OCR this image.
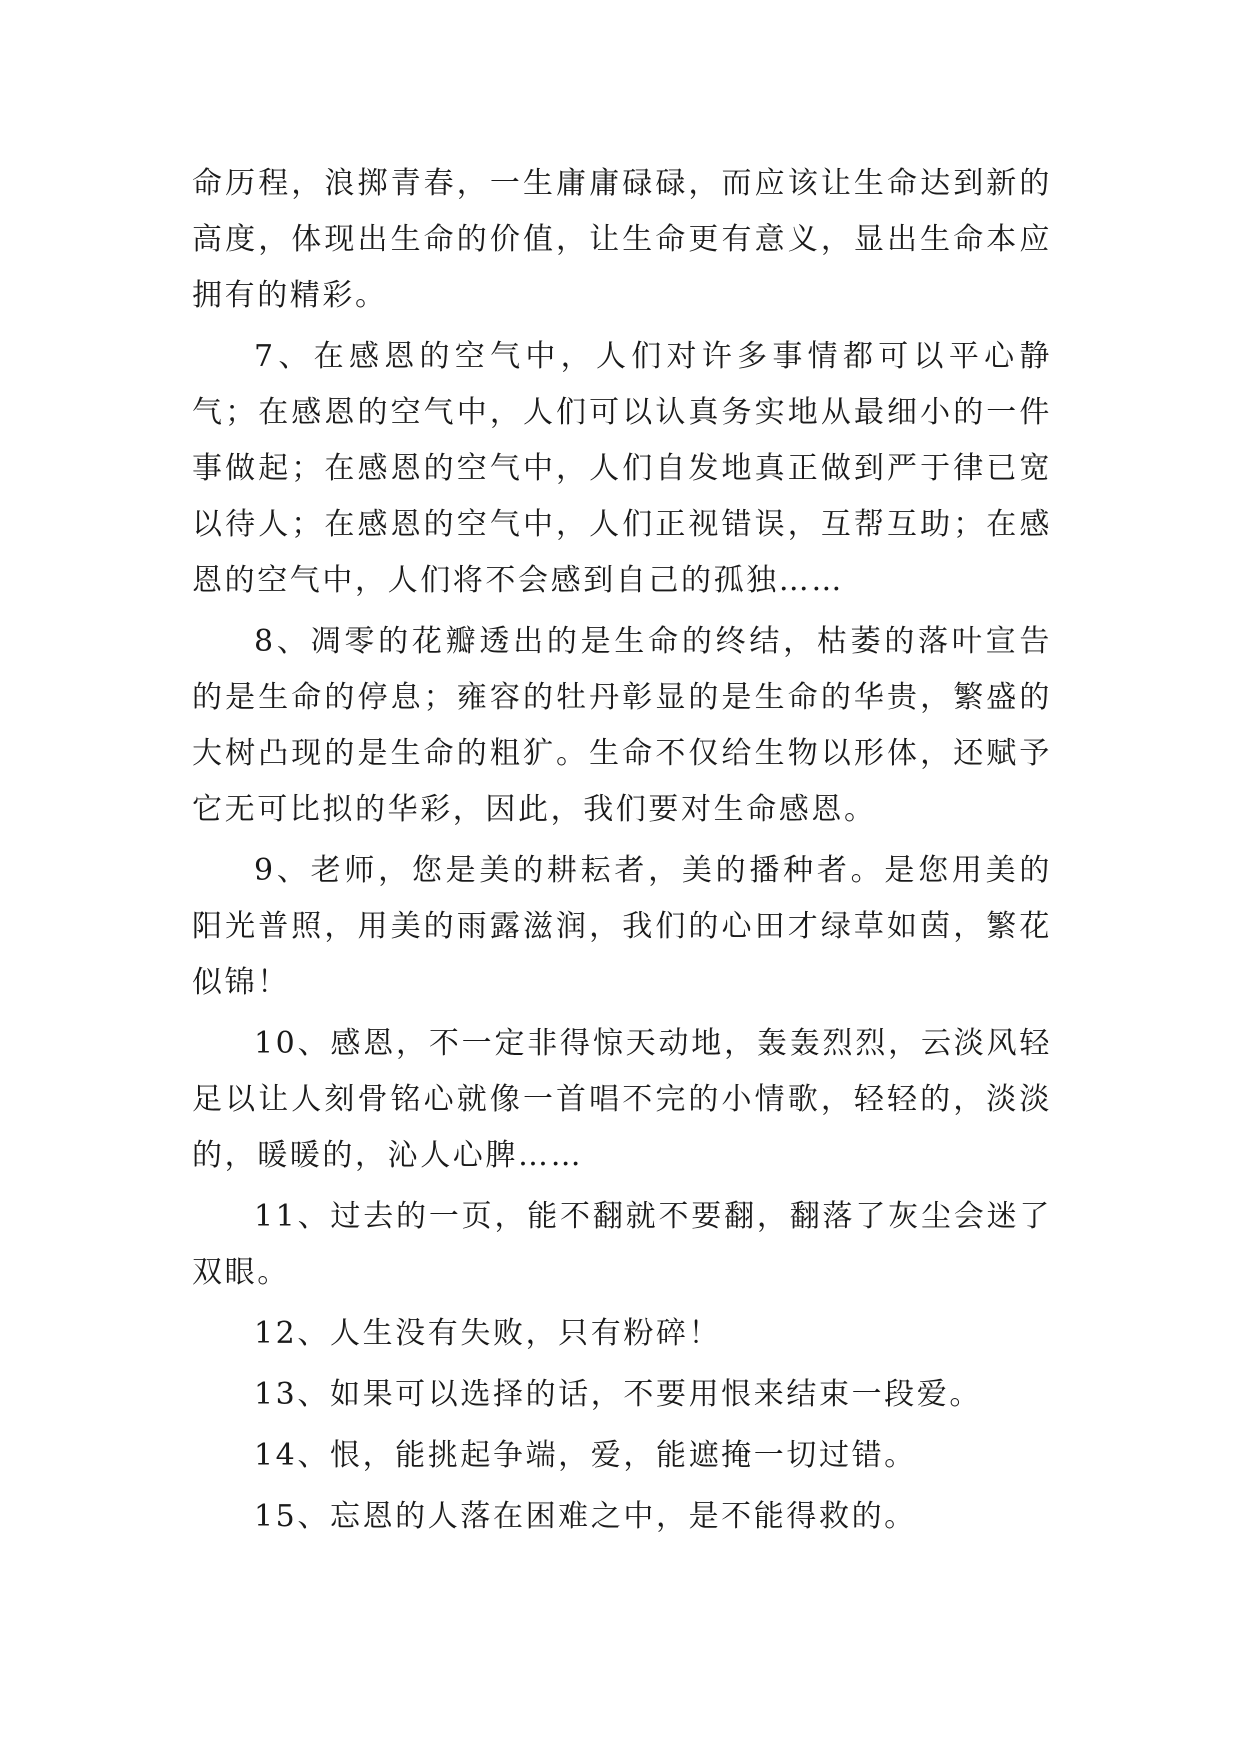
命历程，浪掷青春，一生庸庸碌碌，而应该让生命达到新的高度，体现出生命的价值，让生命更有意义，显出生命本应拥有的精彩。

7、在感恩的空气中，人们对许多事情都可以平心静气；在感恩的空气中，人们可以认真务实地从最细小的一件事做起；在感恩的空气中，人们自发地真正做到严于律已宽以待人；在感恩的空气中，人们正视错误，互帮互助；在感恩的空气中，人们将不会感到自己的孤独……

8、凋零的花瓣透出的是生命的终结，枯萎的落叶宣告的是生命的停息；雍容的牡丹彰显的是生命的华贵，繁盛的大树凸现的是生命的粗犷。生命不仅给生物以形体，还赋予它无可比拟的华彩，因此，我们要对生命感恩。

9、老师，您是美的耕耘者，美的播种者。是您用美的阳光普照，用美的雨露滋润，我们的心田才绿草如茵，繁花似锦！

10、感恩，不一定非得惊天动地，轰轰烈烈，云淡风轻足以让人刻骨铭心就像一首唱不完的小情歌，轻轻的，淡淡的，暖暖的，沁人心脾……

11、过去的一页，能不翻就不要翻，翻落了灰尘会迷了双眼。

12、人生没有失败，只有粉碎！

13、如果可以选择的话，不要用恨来结束一段爱。

14、恨，能挑起争端，爱，能遮掩一切过错。

15、忘恩的人落在困难之中，是不能得救的。
